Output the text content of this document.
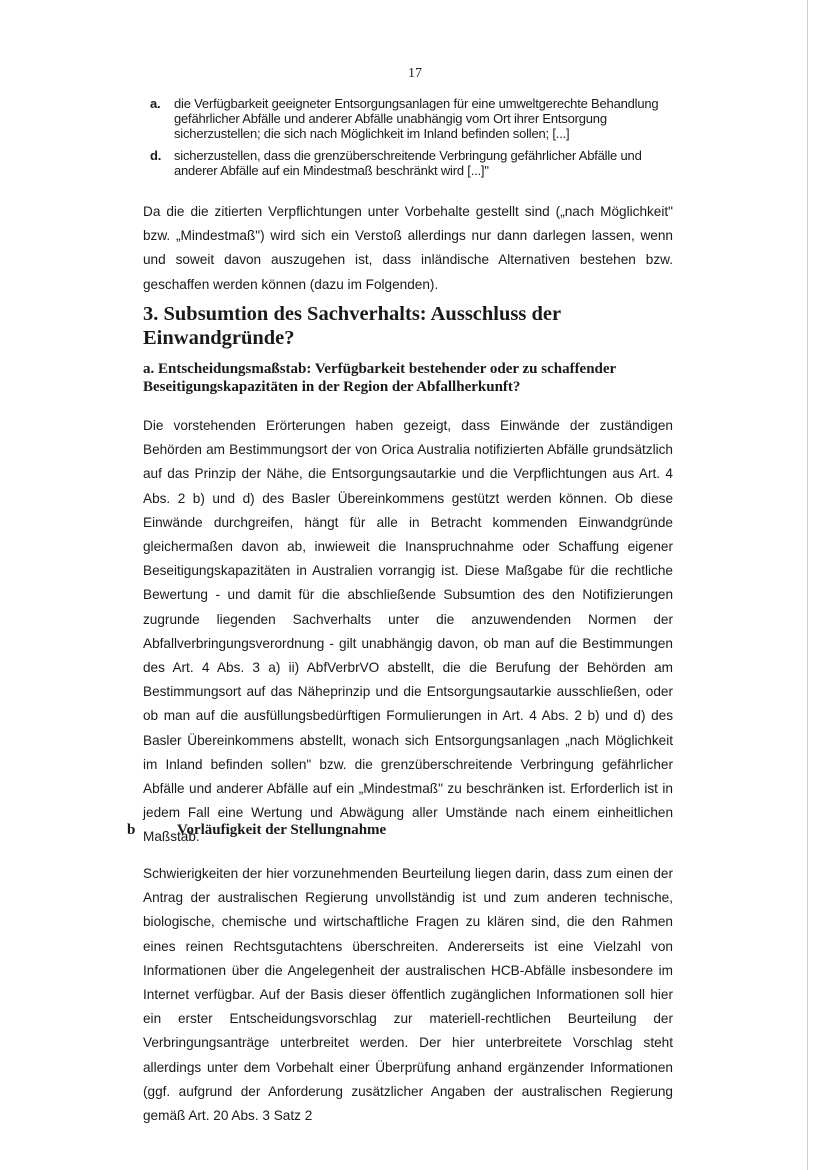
17
a. die Verfügbarkeit geeigneter Entsorgungsanlagen für eine umweltgerechte Behandlung gefährlicher Abfälle und anderer Abfälle unabhängig vom Ort ihrer Entsorgung sicherzustellen; die sich nach Möglichkeit im Inland befinden sollen; [...]
d. sicherzustellen, dass die grenzüberschreitende Verbringung gefährlicher Abfälle und anderer Abfälle auf ein Mindestmaß beschränkt wird [...]"
Da die die zitierten Verpflichtungen unter Vorbehalte gestellt sind („nach Möglichkeit" bzw. „Mindestmaß") wird sich ein Verstoß allerdings nur dann darlegen lassen, wenn und soweit davon auszugehen ist, dass inländische Alternativen bestehen bzw. geschaffen werden können (dazu im Folgenden).
3. Subsumtion des Sachverhalts: Ausschluss der Einwandgründe?
a. Entscheidungsmaßstab: Verfügbarkeit bestehender oder zu schaffender Beseitigungskapazitäten in der Region der Abfallherkunft?
Die vorstehenden Erörterungen haben gezeigt, dass Einwände der zuständigen Behörden am Bestimmungsort der von Orica Australia notifizierten Abfälle grundsätzlich auf das Prinzip der Nähe, die Entsorgungsautarkie und die Verpflichtungen aus Art. 4 Abs. 2 b) und d) des Basler Übereinkommens gestützt werden können. Ob diese Einwände durchgreifen, hängt für alle in Betracht kommenden Einwandgründe gleichermaßen davon ab, inwieweit die Inanspruchnahme oder Schaffung eigener Beseitigungskapazitäten in Australien vorrangig ist. Diese Maßgabe für die rechtliche Bewertung - und damit für die abschließende Subsumtion des den Notifizierungen zugrunde liegenden Sachverhalts unter die anzuwendenden Normen der Abfallverbringungsverordnung - gilt unabhängig davon, ob man auf die Bestimmungen des Art. 4 Abs. 3 a) ii) AbfVerbrVO abstellt, die die Berufung der Behörden am Bestimmungsort auf das Näheprinzip und die Entsorgungsautarkie ausschließen, oder ob man auf die ausfüllungsbedürftigen Formulierungen in Art. 4 Abs. 2 b) und d) des Basler Übereinkommens abstellt, wonach sich Entsorgungsanlagen „nach Möglichkeit im Inland befinden sollen" bzw. die grenzüberschreitende Verbringung gefährlicher Abfälle und anderer Abfälle auf ein „Mindestmaß" zu beschränken ist. Erforderlich ist in jedem Fall eine Wertung und Abwägung aller Umstände nach einem einheitlichen Maßstab.
b	Vorläufigkeit der Stellungnahme
Schwierigkeiten der hier vorzunehmenden Beurteilung liegen darin, dass zum einen der Antrag der australischen Regierung unvollständig ist und zum anderen technische, biologische, chemische und wirtschaftliche Fragen zu klären sind, die den Rahmen eines reinen Rechtsgutachtens überschreiten. Andererseits ist eine Vielzahl von Informationen über die Angelegenheit der australischen HCB-Abfälle insbesondere im Internet verfügbar. Auf der Basis dieser öffentlich zugänglichen Informationen soll hier ein erster Entscheidungsvorschlag zur materiell-rechtlichen Beurteilung der Verbringungsanträge unterbreitet werden. Der hier unterbreitete Vorschlag steht allerdings unter dem Vorbehalt einer Überprüfung anhand ergänzender Informationen (ggf. aufgrund der Anforderung zusätzlicher Angaben der australischen Regierung gemäß Art. 20 Abs. 3 Satz 2
